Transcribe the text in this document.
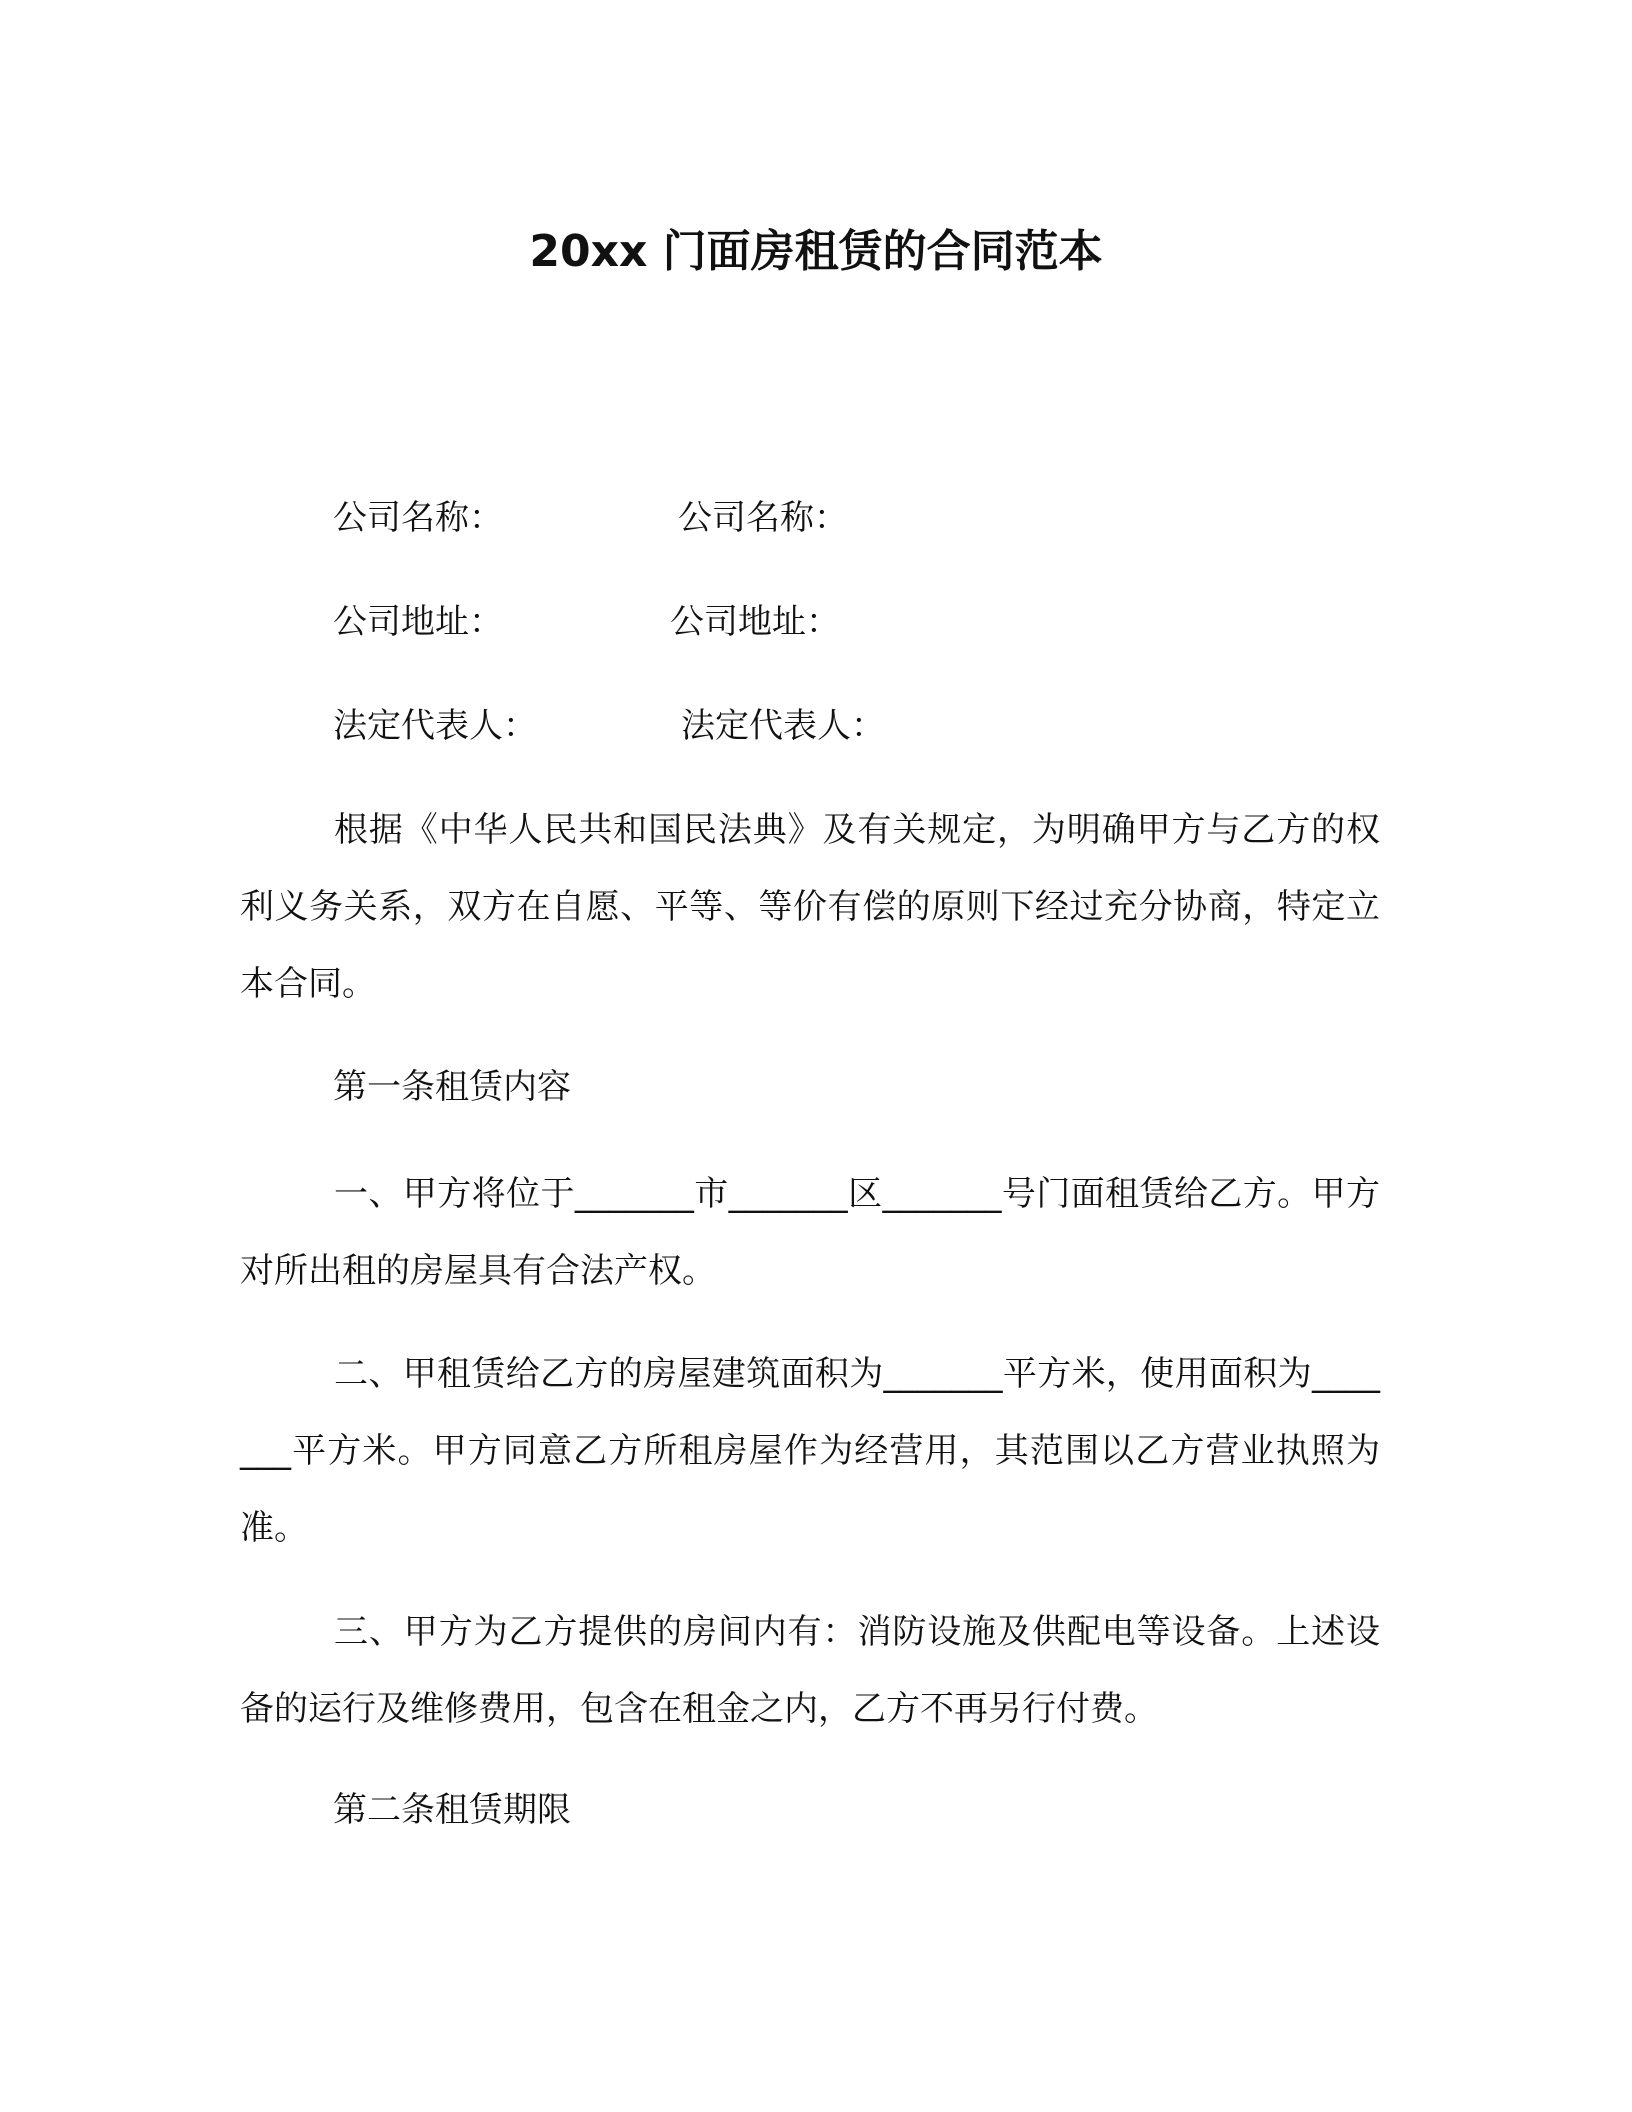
20xx 门面房租赁的合同范本
公司名称：	公司名称：
公司地址：	公司地址：
法定代表人：	法定代表人：
根据《中华人民共和国民法典》及有关规定，为明确甲方与乙方的权利义务关系，双方在自愿、平等、等价有偿的原则下经过充分协商，特定立本合同。
第一条租赁内容
一、甲方将位于_______市_______区_______号门面租赁给乙方。甲方对所出租的房屋具有合法产权。
二、甲租赁给乙方的房屋建筑面积为_______平方米，使用面积为_______平方米。甲方同意乙方所租房屋作为经营用，其范围以乙方营业执照为准。
三、甲方为乙方提供的房间内有：消防设施及供配电等设备。上述设备的运行及维修费用，包含在租金之内，乙方不再另行付费。
第二条租赁期限
